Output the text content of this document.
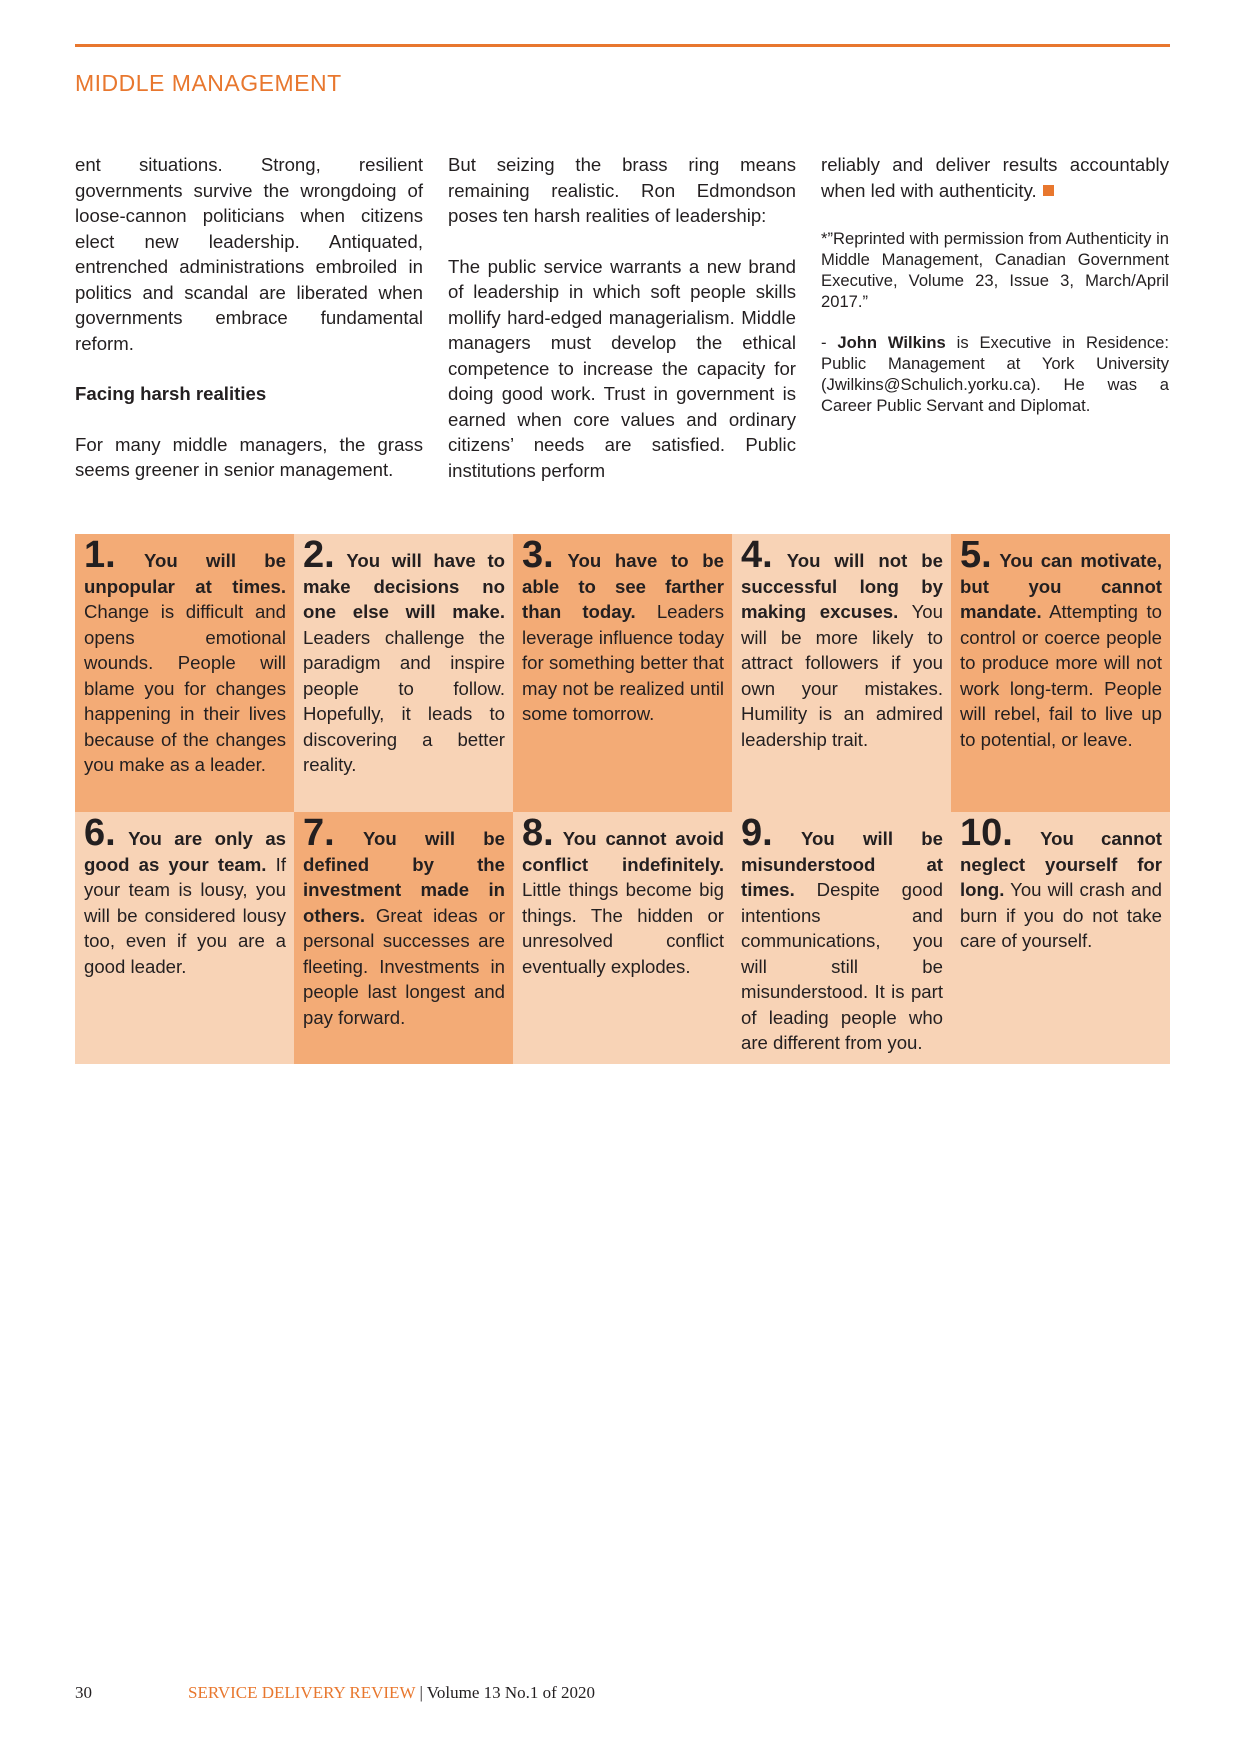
MIDDLE MANAGEMENT

ent situations. Strong, resilient governments survive the wrongdoing of loose-cannon politicians when citizens elect new leadership. Antiquated, entrenched administrations embroiled in politics and scandal are liberated when governments embrace fundamental reform.

Facing harsh realities

For many middle managers, the grass seems greener in senior management.

But seizing the brass ring means remaining realistic. Ron Edmondson poses ten harsh realities of leadership:

The public service warrants a new brand of leadership in which soft people skills mollify hard-edged managerialism. Middle managers must develop the ethical competence to increase the capacity for doing good work. Trust in government is earned when core values and ordinary citizens’ needs are satisfied. Public institutions perform

reliably and deliver results accountably when led with authenticity.

*”Reprinted with permission from Authenticity in Middle Management, Canadian Government Executive, Volume 23, Issue 3, March/April 2017.”

- John Wilkins is Executive in Residence: Public Management at York University (Jwilkins@Schulich.yorku.ca). He was a Career Public Servant and Diplomat.

1. You will be unpopular at times. Change is difficult and opens emotional wounds. People will blame you for changes happening in their lives because of the changes you make as a leader.
2. You will have to make decisions no one else will make. Leaders challenge the paradigm and inspire people to follow. Hopefully, it leads to discovering a better reality.
3. You have to be able to see farther than today. Leaders leverage influence today for something better that may not be realized until some tomorrow.
4. You will not be successful long by making excuses. You will be more likely to attract followers if you own your mistakes. Humility is an admired leadership trait.
5. You can motivate, but you cannot mandate. Attempting to control or coerce people to produce more will not work long-term. People will rebel, fail to live up to potential, or leave.
6. You are only as good as your team. If your team is lousy, you will be considered lousy too, even if you are a good leader.
7. You will be defined by the investment made in others. Great ideas or personal successes are fleeting. Investments in people last longest and pay forward.
8. You cannot avoid conflict indefinitely. Little things become big things. The hidden or unresolved conflict eventually explodes.
9. You will be misunderstood at times. Despite good intentions and communications, you will still be misunderstood. It is part of leading people who are different from you.
10. You cannot neglect yourself for long. You will crash and burn if you do not take care of yourself.
30	SERVICE DELIVERY REVIEW | Volume 13 No.1 of 2020
